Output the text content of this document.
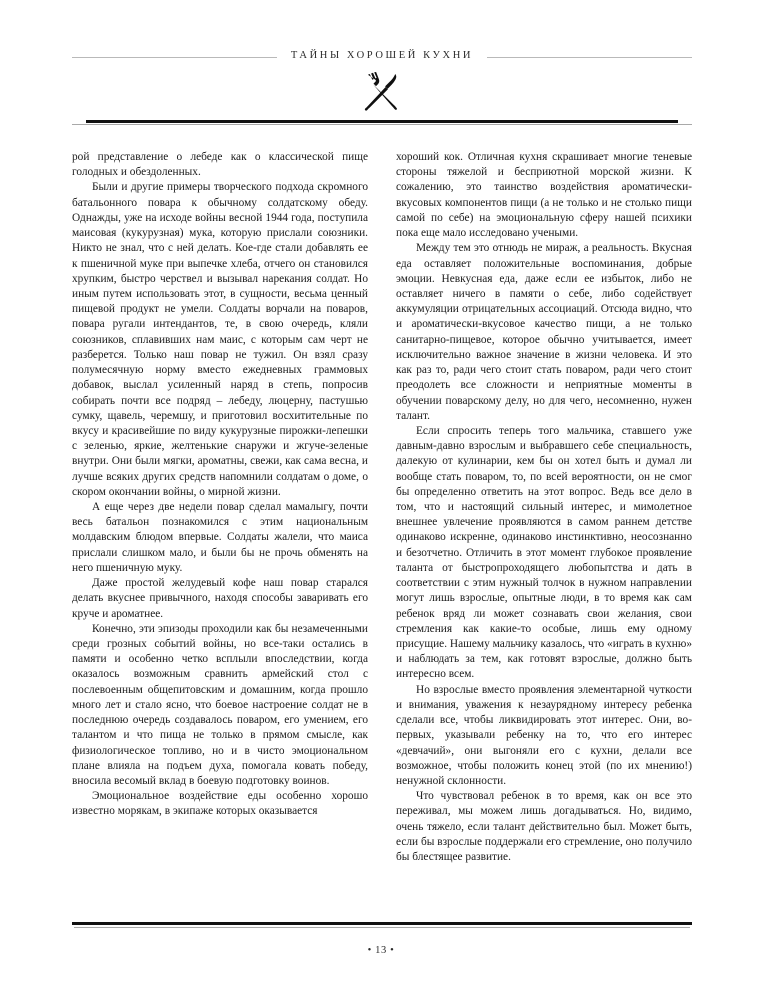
ТАЙНЫ ХОРОШЕЙ КУХНИ

рой представление о лебеде как о классической пище голодных и обездоленных.

Были и другие примеры творческого подхода скромного батальонного повара к обычному солдатскому обеду. Однажды, уже на исходе войны весной 1944 года, поступила маисовая (кукурузная) мука, которую прислали союзники. Никто не знал, что с ней делать. Кое-где стали добавлять ее к пшеничной муке при выпечке хлеба, отчего он становился хрупким, быстро черствел и вызывал нарекания солдат. Но иным путем использовать этот, в сущности, весьма ценный пищевой продукт не умели. Солдаты ворчали на поваров, повара ругали интендантов, те, в свою очередь, кляли союзников, сплавивших нам маис, с которым сам черт не разберется. Только наш повар не тужил. Он взял сразу полумесячную норму вместо ежедневных граммовых добавок, выслал усиленный наряд в степь, попросив собирать почти все подряд – лебеду, люцерну, пастушью сумку, щавель, черемшу, и приготовил восхитительные по вкусу и красивейшие по виду кукурузные пирожки-лепешки с зеленью, яркие, желтенькие снаружи и жгуче-зеленые внутри. Они были мягки, ароматны, свежи, как сама весна, и лучше всяких других средств напомнили солдатам о доме, о скором окончании войны, о мирной жизни.

А еще через две недели повар сделал мамалыгу, почти весь батальон познакомился с этим национальным молдавским блюдом впервые. Солдаты жалели, что маиса прислали слишком мало, и были бы не прочь обменять на него пшеничную муку.

Даже простой желудевый кофе наш повар старался делать вкуснее привычного, находя способы заваривать его круче и ароматнее.

Конечно, эти эпизоды проходили как бы незамеченными среди грозных событий войны, но все-таки остались в памяти и особенно четко всплыли впоследствии, когда оказалось возможным сравнить армейский стол с послевоенным общепитовским и домашним, когда прошло много лет и стало ясно, что боевое настроение солдат не в последнюю очередь создавалось поваром, его умением, его талантом и что пища не только в прямом смысле, как физиологическое топливо, но и в чисто эмоциональном плане влияла на подъем духа, помогала ковать победу, вносила весомый вклад в боевую подготовку воинов.

Эмоциональное воздействие еды особенно хорошо известно морякам, в экипаже которых оказывается

хороший кок. Отличная кухня скрашивает многие теневые стороны тяжелой и бесприютной морской жизни. К сожалению, это таинство воздействия ароматически-вкусовых компонентов пищи (а не только и не столько пищи самой по себе) на эмоциональную сферу нашей психики пока еще мало исследовано учеными.

Между тем это отнюдь не мираж, а реальность. Вкусная еда оставляет положительные воспоминания, добрые эмоции. Невкусная еда, даже если ее избыток, либо не оставляет ничего в памяти о себе, либо содействует аккумуляции отрицательных ассоциаций. Отсюда видно, что и ароматически-вкусовое качество пищи, а не только санитарно-пищевое, которое обычно учитывается, имеет исключительно важное значение в жизни человека. И это как раз то, ради чего стоит стать поваром, ради чего стоит преодолеть все сложности и неприятные моменты в обучении поварскому делу, но для чего, несомненно, нужен талант.

Если спросить теперь того мальчика, ставшего уже давным-давно взрослым и выбравшего себе специальность, далекую от кулинарии, кем бы он хотел быть и думал ли вообще стать поваром, то, по всей вероятности, он не смог бы определенно ответить на этот вопрос. Ведь все дело в том, что и настоящий сильный интерес, и мимолетное внешнее увлечение проявляются в самом раннем детстве одинаково искренне, одинаково инстинктивно, неосознанно и безотчетно. Отличить в этот момент глубокое проявление таланта от быстропроходящего любопытства и дать в соответствии с этим нужный толчок в нужном направлении могут лишь взрослые, опытные люди, в то время как сам ребенок вряд ли может сознавать свои желания, свои стремления как какие-то особые, лишь ему одному присущие. Нашему мальчику казалось, что «играть в кухню» и наблюдать за тем, как готовят взрослые, должно быть интересно всем.

Но взрослые вместо проявления элементарной чуткости и внимания, уважения к незаурядному интересу ребенка сделали все, чтобы ликвидировать этот интерес. Они, во-первых, указывали ребенку на то, что его интерес «девчачий», они выгоняли его с кухни, делали все возможное, чтобы положить конец этой (по их мнению!) ненужной склонности.

Что чувствовал ребенок в то время, как он все это переживал, мы можем лишь догадываться. Но, видимо, очень тяжело, если талант действительно был. Может быть, если бы взрослые поддержали его стремление, оно получило бы блестящее развитие.

• 13 •
